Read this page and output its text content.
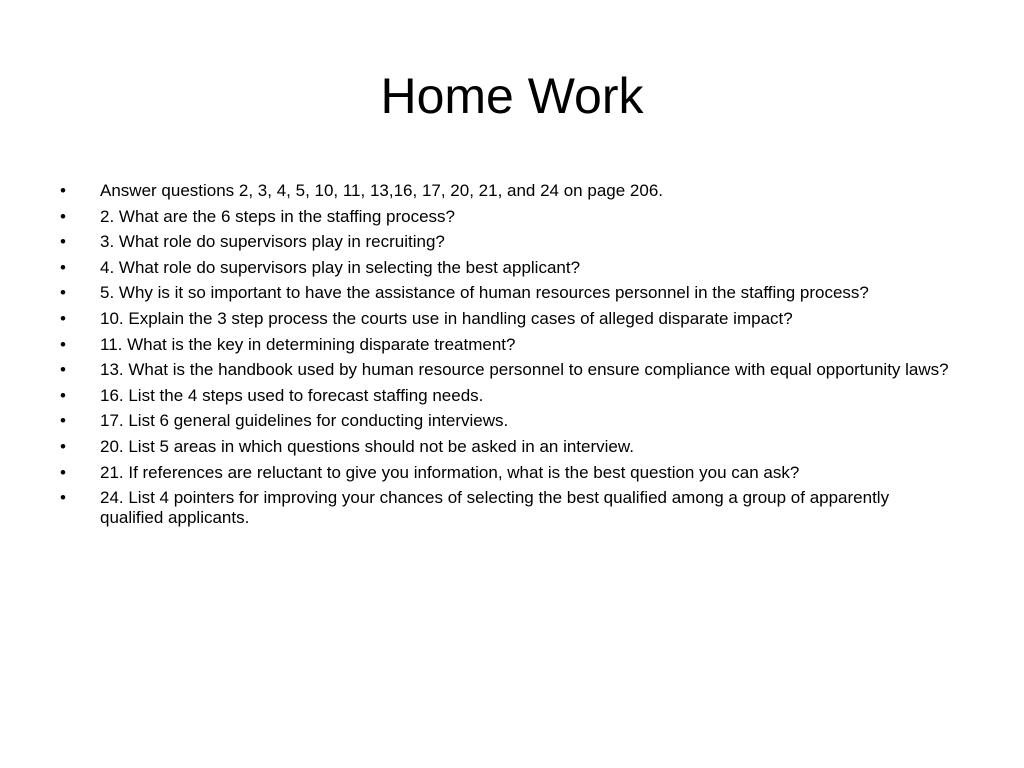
Home Work
•	Answer questions 2, 3, 4, 5, 10, 11, 13,16, 17, 20, 21, and 24 on page 206.
•	2. What are the 6 steps in the staffing process?
•	3. What role do supervisors play in recruiting?
•	4. What role do supervisors play in selecting the best applicant?
•	5. Why is it so important to have the assistance of human resources personnel in the staffing process?
•	10. Explain the 3 step process the courts use in handling cases of alleged disparate impact?
•	11. What is the key in determining disparate treatment?
•	13. What is the handbook used by human resource personnel to ensure compliance with equal opportunity laws?
•	16. List the 4 steps used to forecast staffing needs.
•	17. List 6 general guidelines for conducting interviews.
•	20. List 5 areas in which questions should not be asked in an interview.
•	21. If references are reluctant to give you information, what is the best question you can ask?
•	24. List 4 pointers for improving your chances of selecting the best qualified among a group of apparently qualified applicants.
